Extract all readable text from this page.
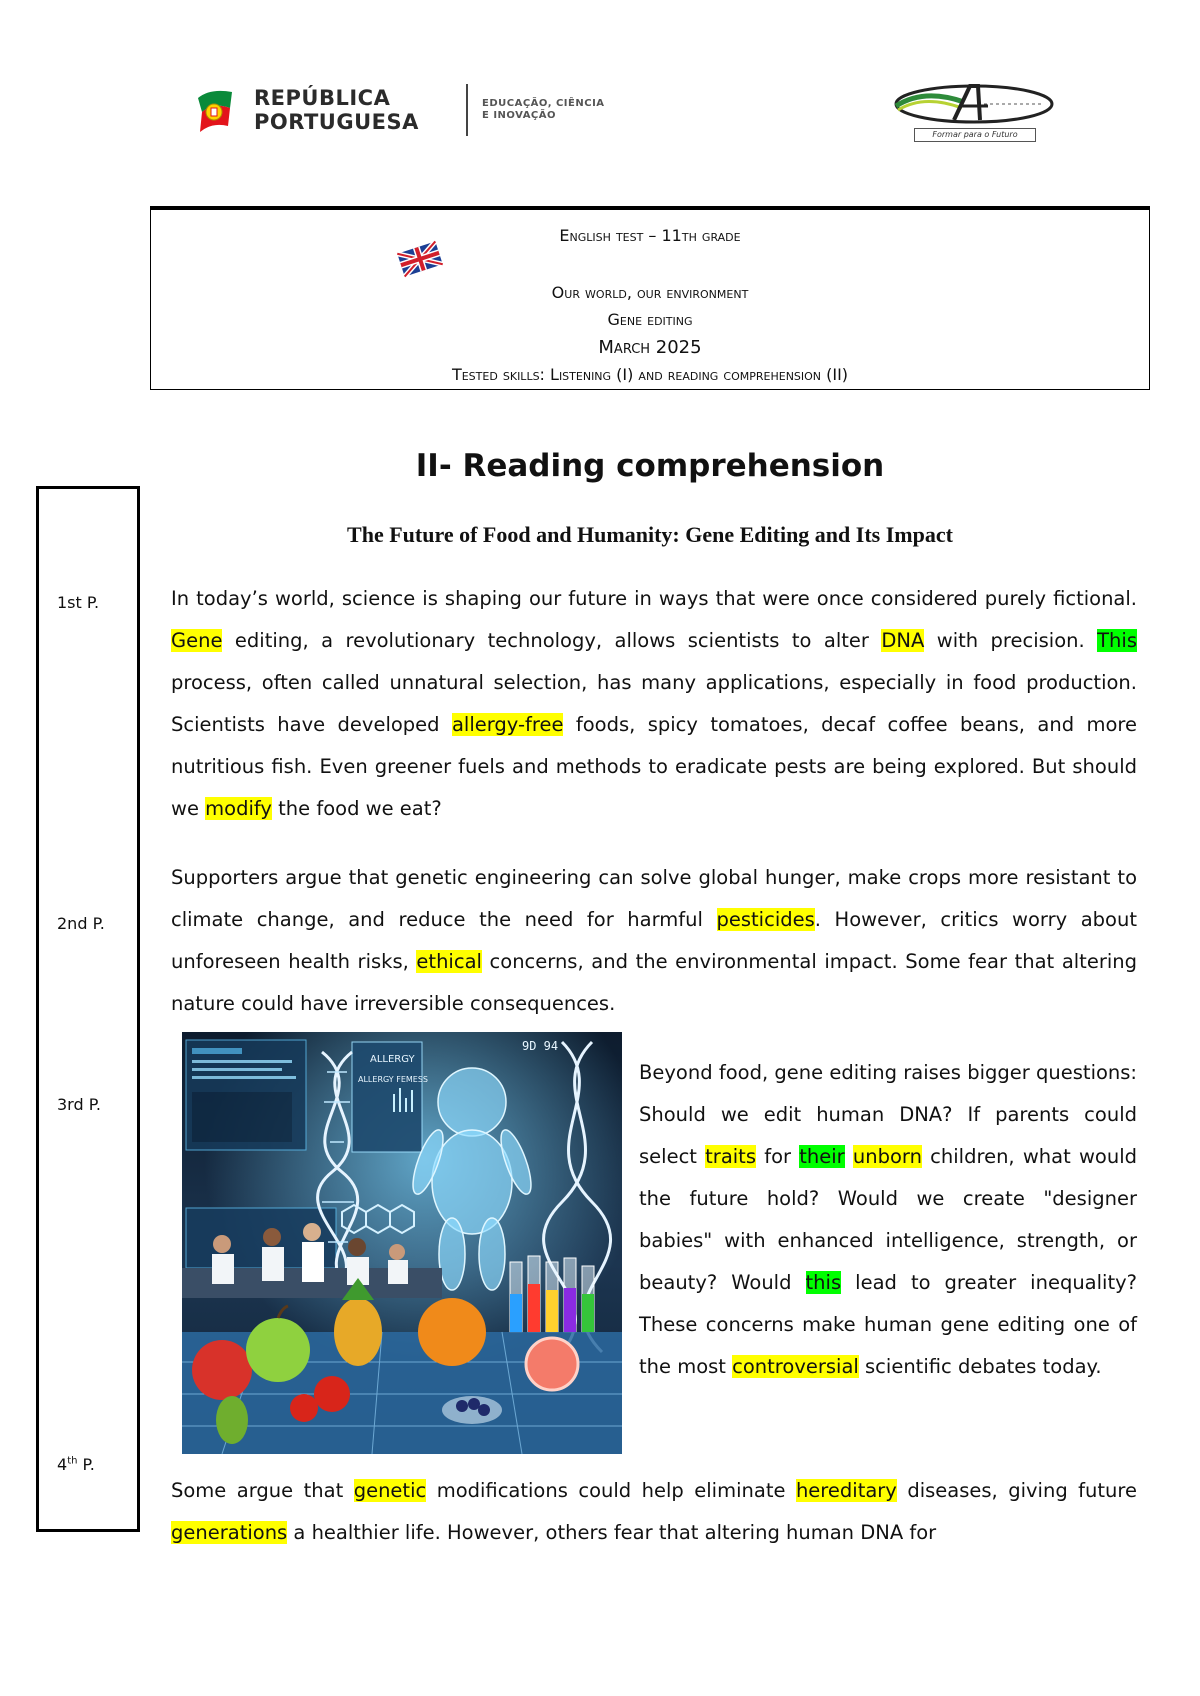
REPÚBLICA
PORTUGUESA
EDUCAÇÃO, CIÊNCIA
E INOVAÇÃO
Formar para o Futuro
English test – 11th grade
Our world, our environment
Gene editing
March 2025
Tested skills: Listening (I) and reading comprehension (II)
1st P.
2nd P.
3rd P.
4th P.
II- Reading comprehension
The Future of Food and Humanity: Gene Editing and Its Impact

In today’s world, science is shaping our future in ways that were once considered purely fictional. Gene editing, a revolutionary technology, allows scientists to alter DNA with precision. This process, often called unnatural selection, has many applications, especially in food production. Scientists have developed allergy-free foods, spicy tomatoes, decaf coffee beans, and more nutritious fish. Even greener fuels and methods to eradicate pests are being explored. But should we modify the food we eat?

Supporters argue that genetic engineering can solve global hunger, make crops more resistant to climate change, and reduce the need for harmful pesticides. However, critics worry about unforeseen health risks, ethical concerns, and the environmental impact. Some fear that altering nature could have irreversible consequences.

ALLERGY
ALLERGY FEMESS
9D 94

Beyond food, gene editing raises bigger questions: Should we edit human DNA? If parents could select traits for their unborn children, what would the future hold? Would we create "designer babies" with enhanced intelligence, strength, or beauty? Would this lead to greater inequality? These concerns make human gene editing one of the most controversial scientific debates today.

Some argue that genetic modifications could help eliminate hereditary diseases, giving future generations a healthier life. However, others fear that altering human DNA for
